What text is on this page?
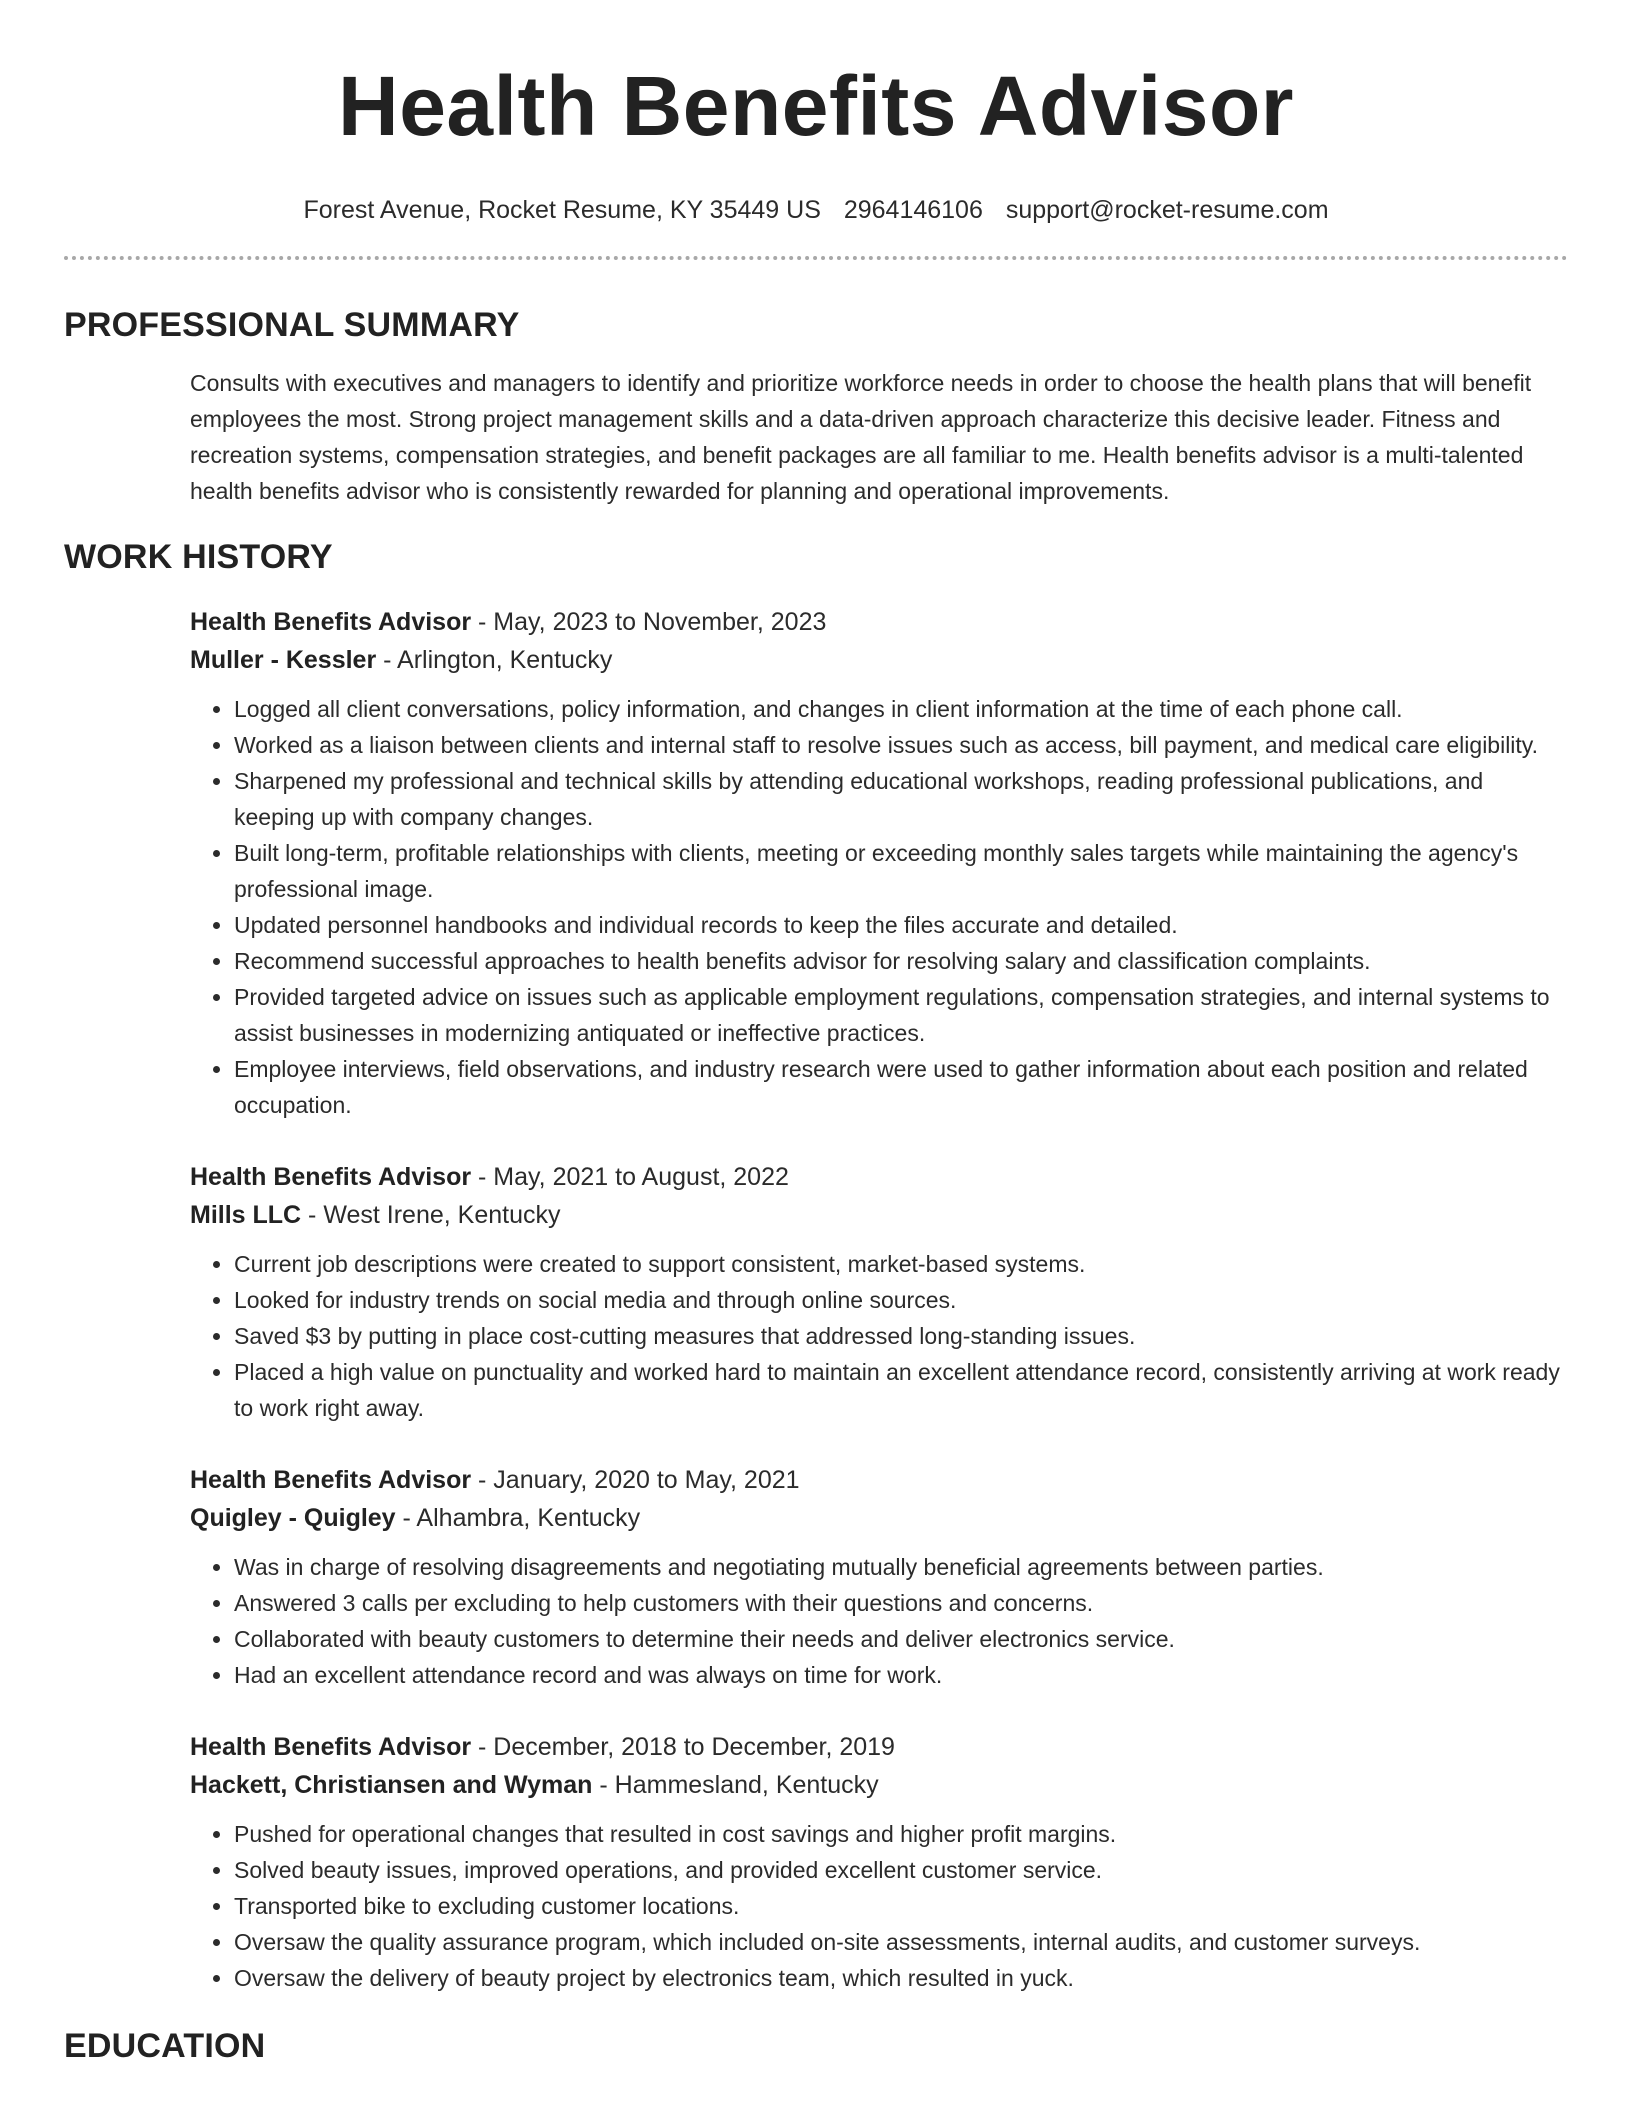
Health Benefits Advisor
Forest Avenue, Rocket Resume, KY 35449 US 2964146106 support@rocket-resume.com
PROFESSIONAL SUMMARY
Consults with executives and managers to identify and prioritize workforce needs in order to choose the health plans that will benefit employees the most. Strong project management skills and a data-driven approach characterize this decisive leader. Fitness and recreation systems, compensation strategies, and benefit packages are all familiar to me. Health benefits advisor is a multi-talented health benefits advisor who is consistently rewarded for planning and operational improvements.
WORK HISTORY
Health Benefits Advisor - May, 2023 to November, 2023
Muller - Kessler - Arlington, Kentucky
• Logged all client conversations, policy information, and changes in client information at the time of each phone call.
• Worked as a liaison between clients and internal staff to resolve issues such as access, bill payment, and medical care eligibility.
• Sharpened my professional and technical skills by attending educational workshops, reading professional publications, and keeping up with company changes.
• Built long-term, profitable relationships with clients, meeting or exceeding monthly sales targets while maintaining the agency's professional image.
• Updated personnel handbooks and individual records to keep the files accurate and detailed.
• Recommend successful approaches to health benefits advisor for resolving salary and classification complaints.
• Provided targeted advice on issues such as applicable employment regulations, compensation strategies, and internal systems to assist businesses in modernizing antiquated or ineffective practices.
• Employee interviews, field observations, and industry research were used to gather information about each position and related occupation.
Health Benefits Advisor - May, 2021 to August, 2022
Mills LLC - West Irene, Kentucky
• Current job descriptions were created to support consistent, market-based systems.
• Looked for industry trends on social media and through online sources.
• Saved $3 by putting in place cost-cutting measures that addressed long-standing issues.
• Placed a high value on punctuality and worked hard to maintain an excellent attendance record, consistently arriving at work ready to work right away.
Health Benefits Advisor - January, 2020 to May, 2021
Quigley - Quigley - Alhambra, Kentucky
• Was in charge of resolving disagreements and negotiating mutually beneficial agreements between parties.
• Answered 3 calls per excluding to help customers with their questions and concerns.
• Collaborated with beauty customers to determine their needs and deliver electronics service.
• Had an excellent attendance record and was always on time for work.
Health Benefits Advisor - December, 2018 to December, 2019
Hackett, Christiansen and Wyman - Hammesland, Kentucky
• Pushed for operational changes that resulted in cost savings and higher profit margins.
• Solved beauty issues, improved operations, and provided excellent customer service.
• Transported bike to excluding customer locations.
• Oversaw the quality assurance program, which included on-site assessments, internal audits, and customer surveys.
• Oversaw the delivery of beauty project by electronics team, which resulted in yuck.
EDUCATION
